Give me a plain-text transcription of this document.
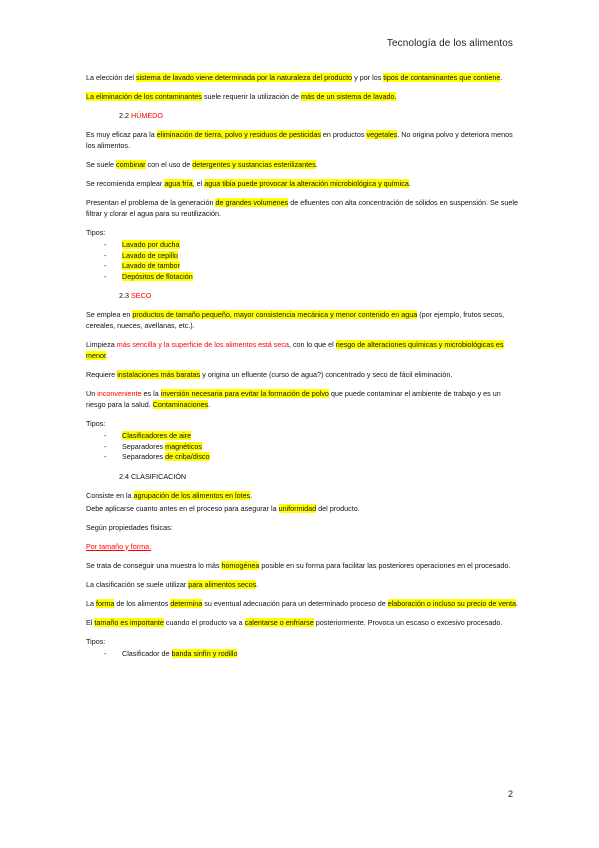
Tecnología de los alimentos

La elección del sistema de lavado viene determinada por la naturaleza del producto y por los tipos de contaminantes que contiene.

La eliminación de los contaminantes suele requerir la utilización de más de un sistema de lavado.

2.2 HÚMEDO

Es muy eficaz para la eliminación de tierra, polvo y residuos de pesticidas en productos vegetales. No origina polvo y deteriora menos los alimentos.

Se suele combinar con el uso de detergentes y sustancias esterilizantes.

Se recomienda emplear agua fría, el agua tibia puede provocar la alteración microbiológica y química.

Presentan el problema de la generación de grandes volumenes de efluentes con alta concentración de sólidos en suspensión. Se suele filtrar y clorar el agua para su reutilización.

Tipos:

- Lavado por ducha
- Lavado de cepillo
- Lavado de tambor
- Depósitos de flotación
2.3 SECO

Se emplea en productos de tamaño pequeño, mayor consistencia mecánica y menor contenido en agua (por ejemplo, frutos secos, cereales, nueces, avellanas, etc.).

Limpieza más sencilla y la superficie de los alimentos está seca, con lo que el riesgo de alteraciones químicas y microbiológicas es menor.

Requiere instalaciones más baratas y origina un efluente (curso de agua?) concentrado y seco de fácil eliminación.

Un inconveniente es la inversión necesaria para evitar la formación de polvo que puede contaminar el ambiente de trabajo y es un riesgo para la salud. Contaminaciones.

Tipos:

- Clasificadores de aire
- Separadores magnéticos
- Separadores de criba/disco
2.4 CLASIFICACIÓN

Consiste en la agrupación de los alimentos en lotes.

Debe aplicarse cuanto antes en el proceso para asegurar la uniformidad del producto.

Según propiedades físicas:

Por tamaño y forma:

Se trata de conseguir una muestra lo más homogénea posible en su forma para facilitar las posteriores operaciones en el procesado.

La clasificación se suele utilizar para alimentos secos.

La forma de los alimentos determina su eventual adecuación para un determinado proceso de elaboración o incluso su precio de venta.

El tamaño es importante cuando el producto va a calentarse o enfriarse posteriormente. Provoca un escaso o excesivo procesado.

Tipos:

- Clasificador de banda sinfín y rodillo
2
